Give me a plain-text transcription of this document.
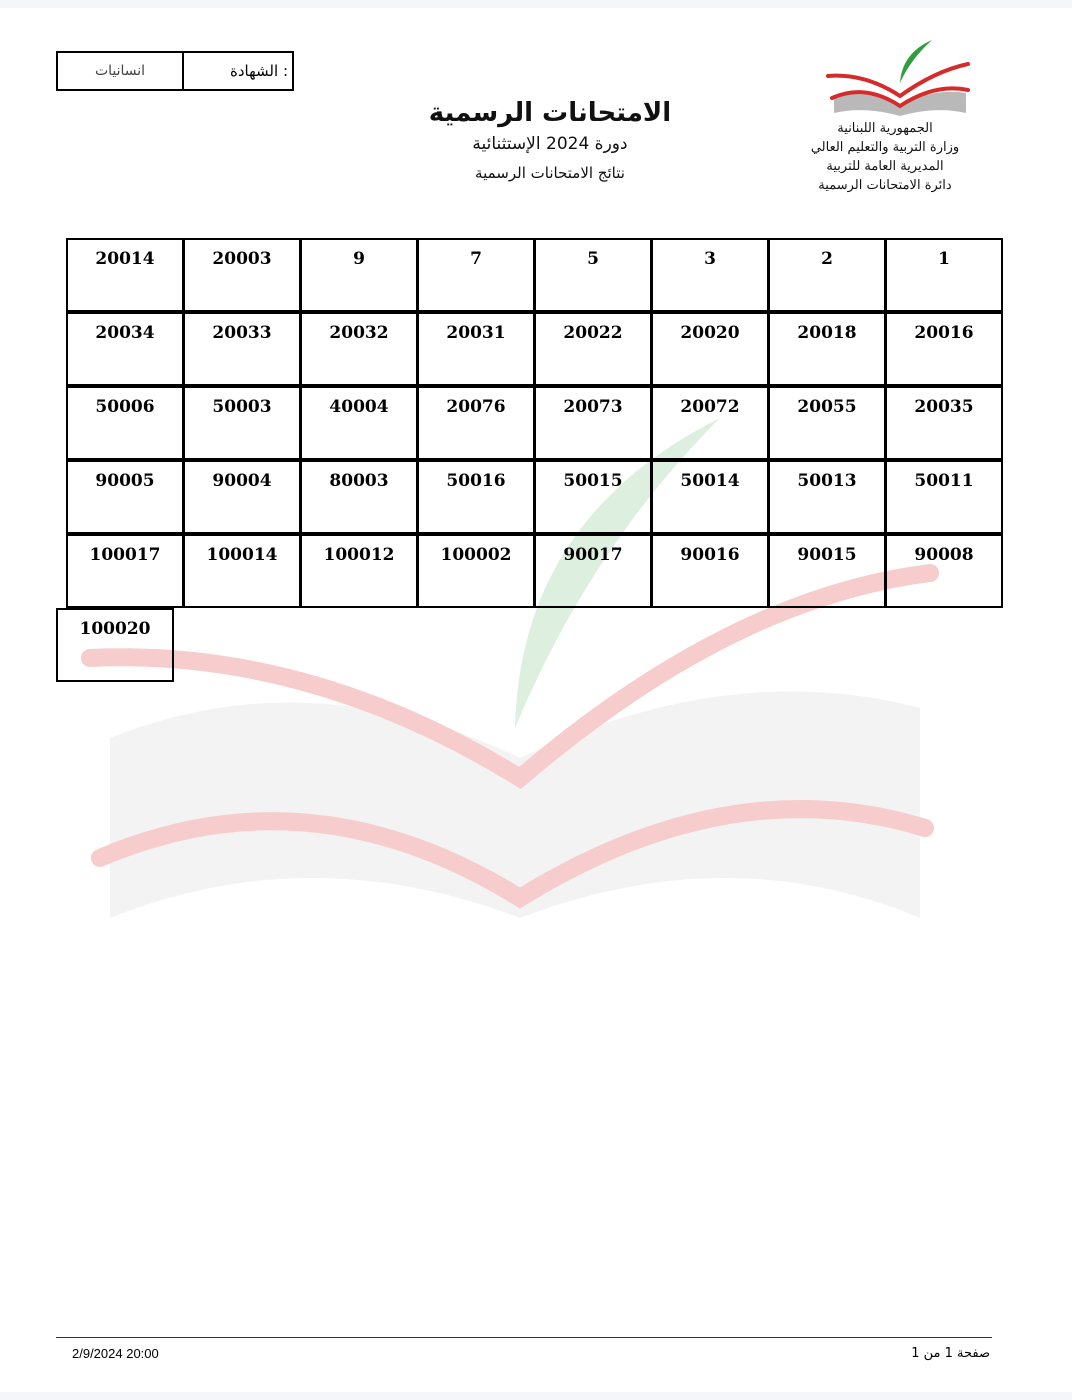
انسانيات	الشهادة :
الامتحانات الرسمية
دورة 2024 الإستثنائية
نتائج الامتحانات الرسمية
الجمهورية اللبنانية
وزارة التربية والتعليم العالي
المديرية العامة للتربية
دائرة الامتحانات الرسمية
1
2
3
5
7
9
20003
20014
20016
20018
20020
20022
20031
20032
20033
20034
20035
20055
20072
20073
20076
40004
50003
50006
50011
50013
50014
50015
50016
80003
90004
90005
90008
90015
90016
90017
100002
100012
100014
100017
100020
2/9/2024 20:00	صفحة 1 من 1
